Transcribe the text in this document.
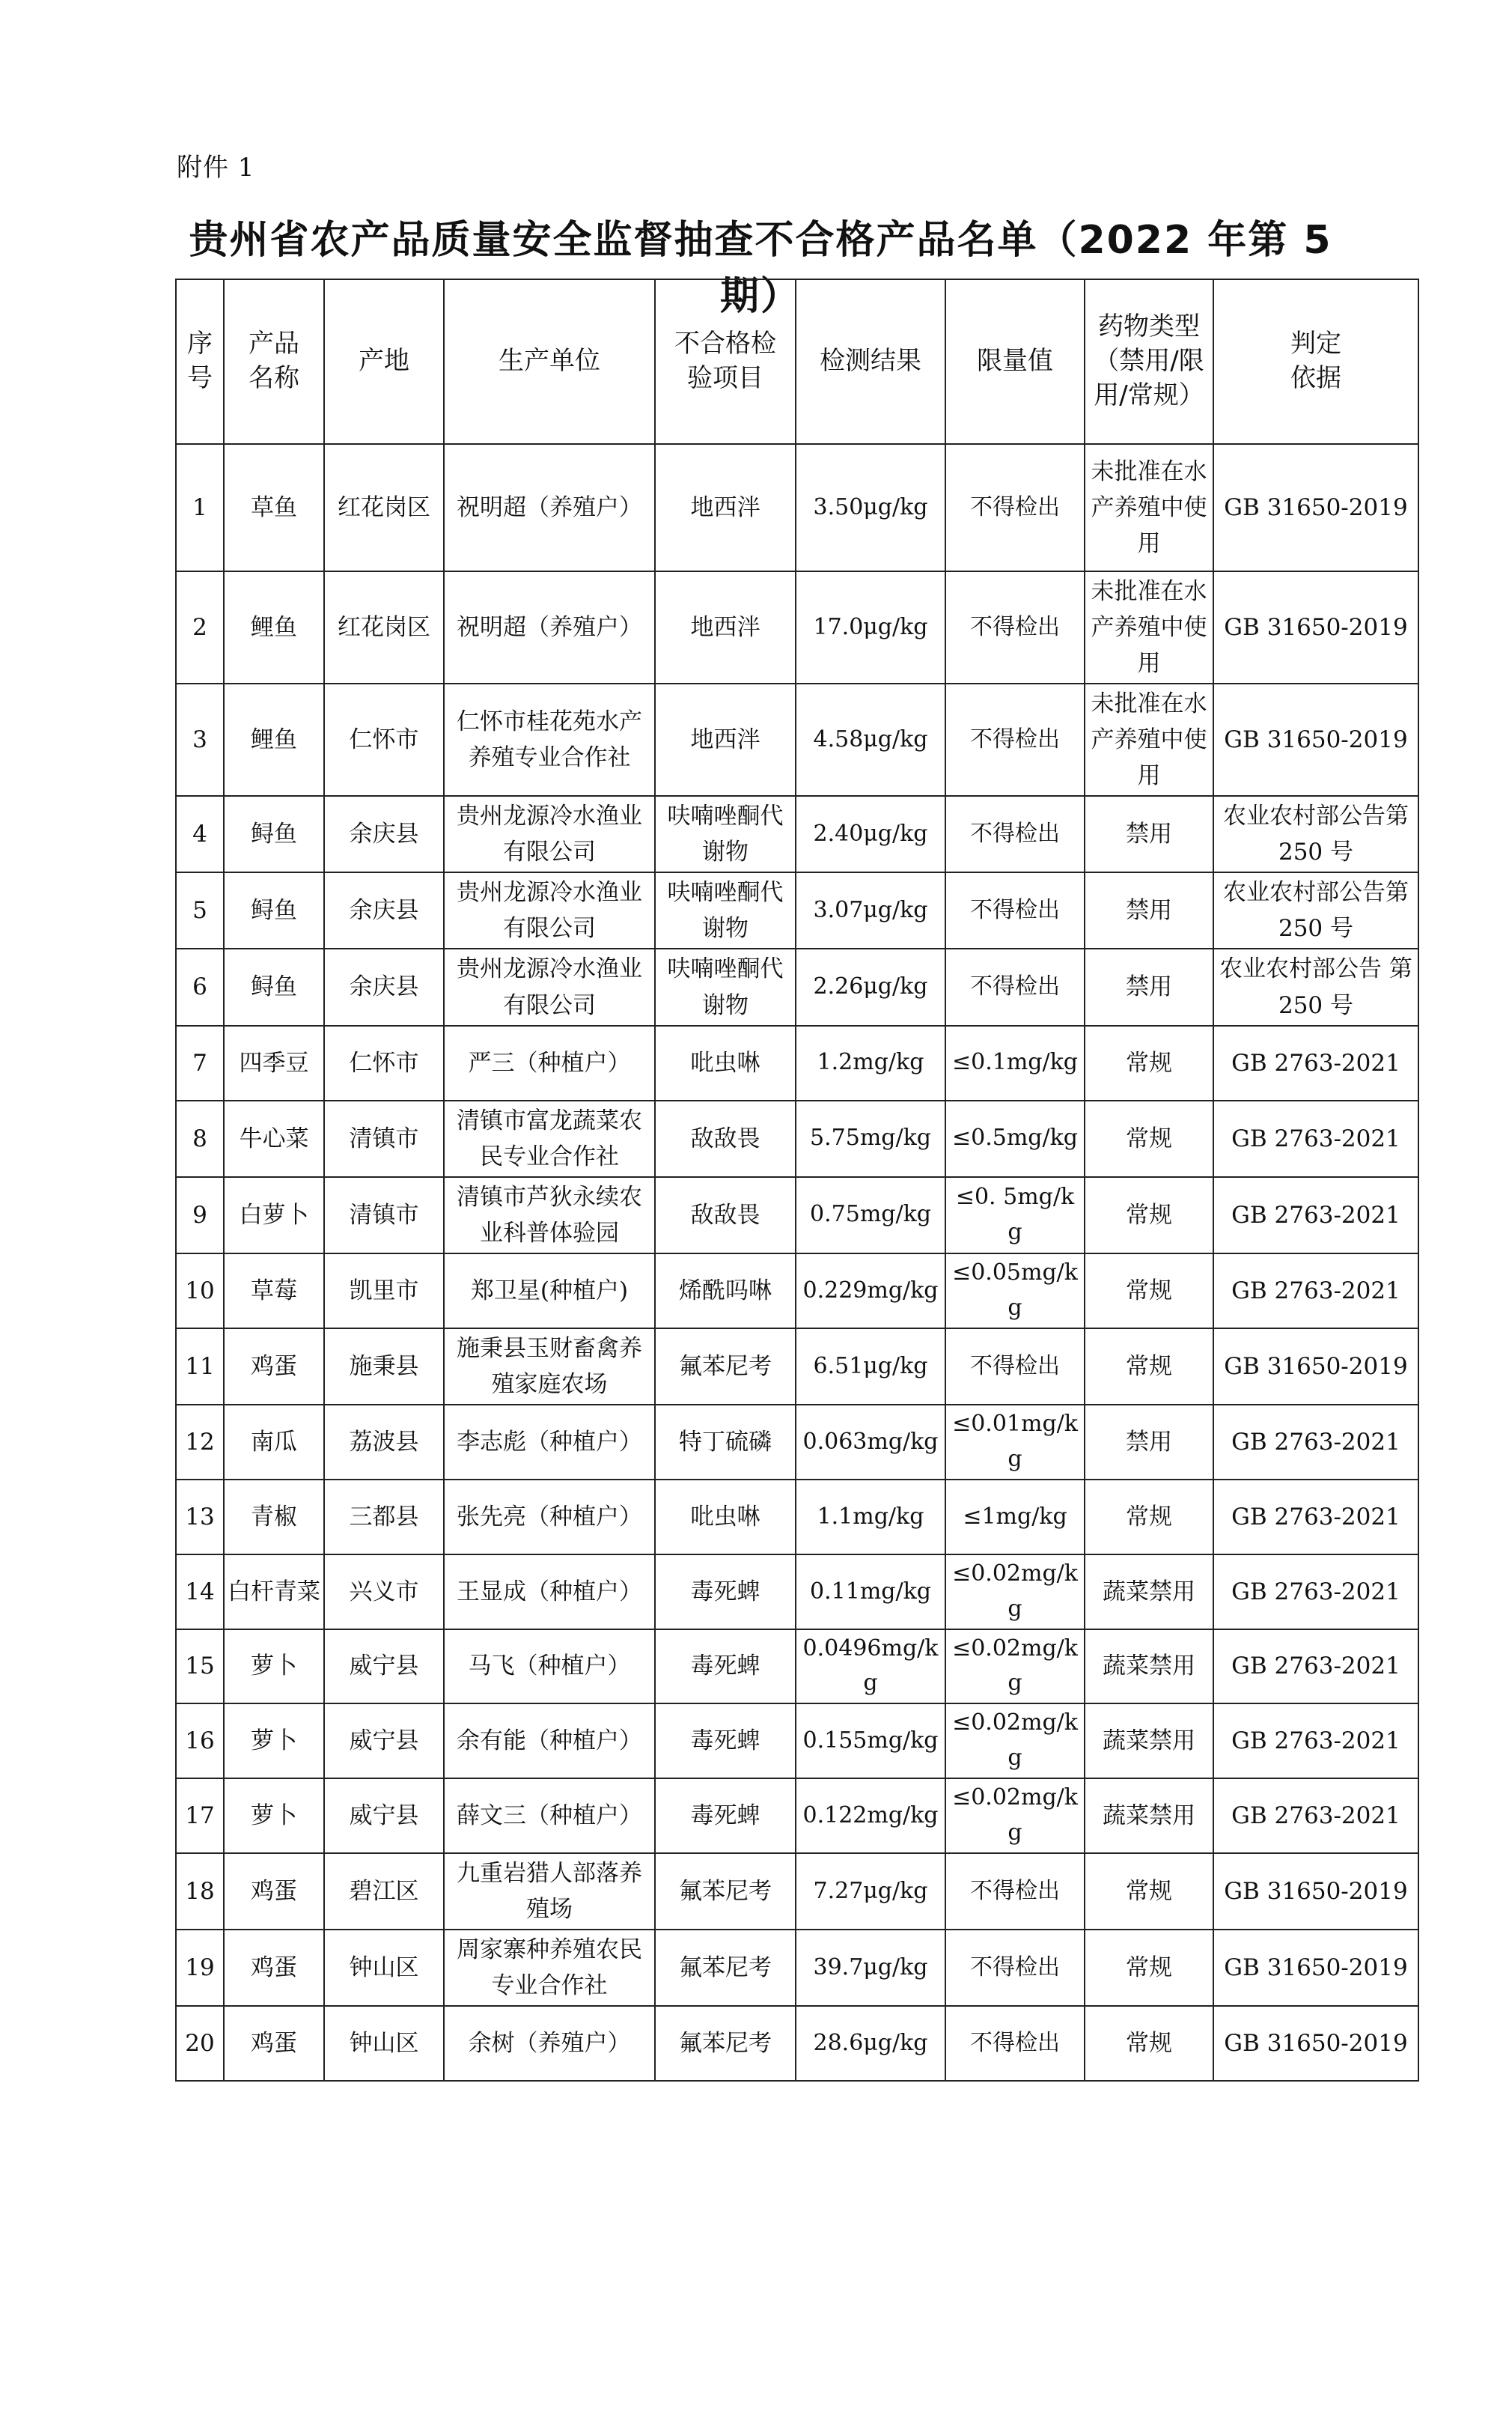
附件 1
贵州省农产品质量安全监督抽查不合格产品名单（2022 年第 5 期）
序号	产品名称	产地	生产单位	不合格检验项目	检测结果	限量值	药物类型（禁用/限用/常规）	判定依据
1	草鱼	红花岗区	祝明超（养殖户）	地西泮	3.50μg/kg	不得检出	未批准在水产养殖中使用	GB 31650-2019
2	鲤鱼	红花岗区	祝明超（养殖户）	地西泮	17.0μg/kg	不得检出	未批准在水产养殖中使用	GB 31650-2019
3	鲤鱼	仁怀市	仁怀市桂花苑水产养殖专业合作社	地西泮	4.58μg/kg	不得检出	未批准在水产养殖中使用	GB 31650-2019
4	鲟鱼	余庆县	贵州龙源冷水渔业有限公司	呋喃唑酮代谢物	2.40μg/kg	不得检出	禁用	农业农村部公告第 250 号
5	鲟鱼	余庆县	贵州龙源冷水渔业有限公司	呋喃唑酮代谢物	3.07μg/kg	不得检出	禁用	农业农村部公告第 250 号
6	鲟鱼	余庆县	贵州龙源冷水渔业有限公司	呋喃唑酮代谢物	2.26μg/kg	不得检出	禁用	农业农村部公告 第 250 号
7	四季豆	仁怀市	严三（种植户）	吡虫啉	1.2mg/kg	≤0.1mg/kg	常规	GB 2763-2021
8	牛心菜	清镇市	清镇市富龙蔬菜农民专业合作社	敌敌畏	5.75mg/kg	≤0.5mg/kg	常规	GB 2763-2021
9	白萝卜	清镇市	清镇市芦狄永续农业科普体验园	敌敌畏	0.75mg/kg	≤0. 5mg/kg	常规	GB 2763-2021
10	草莓	凯里市	郑卫星(种植户)	烯酰吗啉	0.229mg/kg	≤0.05mg/kg	常规	GB 2763-2021
11	鸡蛋	施秉县	施秉县玉财畜禽养殖家庭农场	氟苯尼考	6.51μg/kg	不得检出	常规	GB 31650-2019
12	南瓜	荔波县	李志彪（种植户）	特丁硫磷	0.063mg/kg	≤0.01mg/kg	禁用	GB 2763-2021
13	青椒	三都县	张先亮（种植户）	吡虫啉	1.1mg/kg	≤1mg/kg	常规	GB 2763-2021
14	白杆青菜	兴义市	王显成（种植户）	毒死蜱	0.11mg/kg	≤0.02mg/kg	蔬菜禁用	GB 2763-2021
15	萝卜	威宁县	马飞（种植户）	毒死蜱	0.0496mg/kg	≤0.02mg/kg	蔬菜禁用	GB 2763-2021
16	萝卜	威宁县	余有能（种植户）	毒死蜱	0.155mg/kg	≤0.02mg/kg	蔬菜禁用	GB 2763-2021
17	萝卜	威宁县	薛文三（种植户）	毒死蜱	0.122mg/kg	≤0.02mg/kg	蔬菜禁用	GB 2763-2021
18	鸡蛋	碧江区	九重岩猎人部落养殖场	氟苯尼考	7.27μg/kg	不得检出	常规	GB 31650-2019
19	鸡蛋	钟山区	周家寨种养殖农民专业合作社	氟苯尼考	39.7μg/kg	不得检出	常规	GB 31650-2019
20	鸡蛋	钟山区	余树（养殖户）	氟苯尼考	28.6μg/kg	不得检出	常规	GB 31650-2019
